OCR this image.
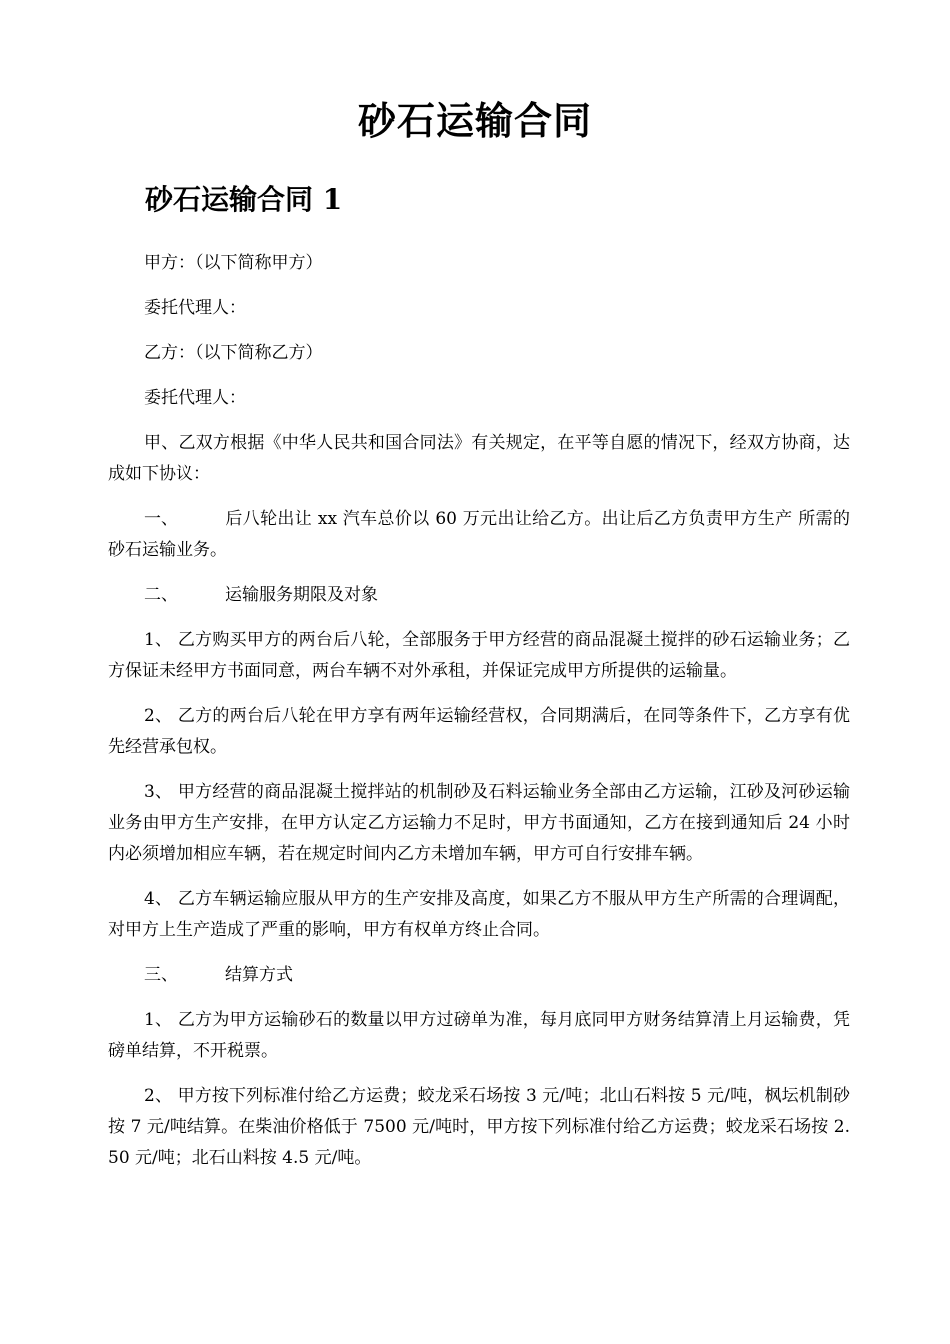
砂石运输合同
砂石运输合同 1

甲方：（以下简称甲方）

委托代理人：

乙方：（以下简称乙方）

委托代理人：

甲、乙双方根据《中华人民共和国合同法》有关规定，在平等自愿的情况下，经双方协商，达成如下协议：

一、	后八轮出让 xx 汽车总价以 60 万元出让给乙方。出让后乙方负责甲方生产 所需的砂石运输业务。

二、	运输服务期限及对象

1、 乙方购买甲方的两台后八轮，全部服务于甲方经营的商品混凝土搅拌的砂石运输业务；乙方保证未经甲方书面同意，两台车辆不对外承租，并保证完成甲方所提供的运输量。

2、 乙方的两台后八轮在甲方享有两年运输经营权，合同期满后，在同等条件下，乙方享有优先经营承包权。

3、 甲方经营的商品混凝土搅拌站的机制砂及石料运输业务全部由乙方运输，江砂及河砂运输业务由甲方生产安排，在甲方认定乙方运输力不足时，甲方书面通知，乙方在接到通知后 24 小时内必须增加相应车辆，若在规定时间内乙方未增加车辆，甲方可自行安排车辆。

4、 乙方车辆运输应服从甲方的生产安排及高度，如果乙方不服从甲方生产所需的合理调配，对甲方上生产造成了严重的影响，甲方有权单方终止合同。

三、	结算方式

1、 乙方为甲方运输砂石的数量以甲方过磅单为准，每月底同甲方财务结算清上月运输费，凭磅单结算，不开税票。

2、 甲方按下列标准付给乙方运费；蛟龙采石场按 3 元/吨；北山石料按 5 元/吨，枫坛机制砂按 7 元/吨结算。在柴油价格低于 7500 元/吨时，甲方按下列标准付给乙方运费；蛟龙采石场按 2.50 元/吨；北石山料按 4.5 元/吨。
